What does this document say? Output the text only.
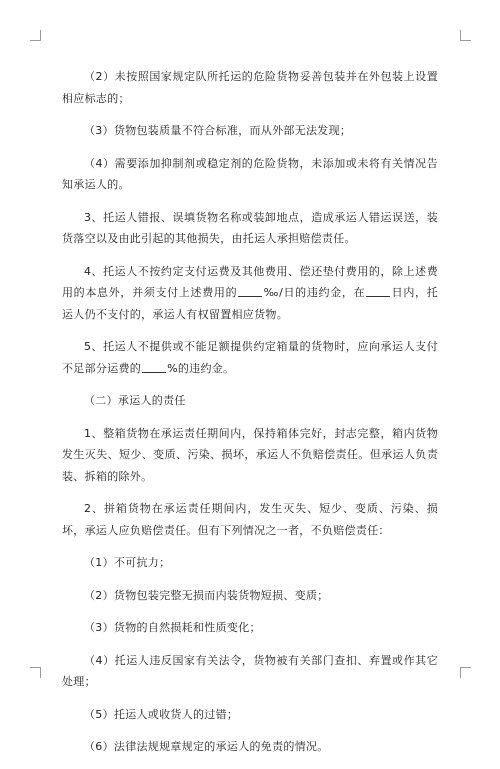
（2）未按照国家规定队所托运的危险货物妥善包装并在外包装上设置相应标志的；

（3）货物包装质量不符合标准，而从外部无法发现；

（4）需要添加抑制剂或稳定剂的危险货物，未添加或未将有关情况告知承运人的。

3、托运人错报、误填货物名称或装卸地点，造成承运人错运误送，装货落空以及由此引起的其他损失，由托运人承担赔偿责任。

4、托运人不按约定支付运费及其他费用、偿还垫付费用的，除上述费用的本息外，并须支付上述费用的 ‰/日的违约金，在 日内，托运人仍不支付的，承运人有权留置相应货物。

5、托运人不提供或不能足额提供约定箱量的货物时，应向承运人支付不足部分运费的 %的违约金。

（二）承运人的责任

1、整箱货物在承运责任期间内，保持箱体完好，封志完整，箱内货物发生灭失、短少、变质、污染、损坏，承运人不负赔偿责任。但承运人负责装、拆箱的除外。

2、拼箱货物在承运责任期间内，发生灭失、短少、变质、污染、损坏，承运人应负赔偿责任。但有下列情况之一者，不负赔偿责任：

（1）不可抗力；

（2）货物包装完整无损而内装货物短损、变质；

（3）货物的自然损耗和性质变化；

（4）托运人违反国家有关法令，货物被有关部门查扣、弃置或作其它处理；

（5）托运人或收货人的过错；

（6）法律法规规章规定的承运人的免责的情况。
